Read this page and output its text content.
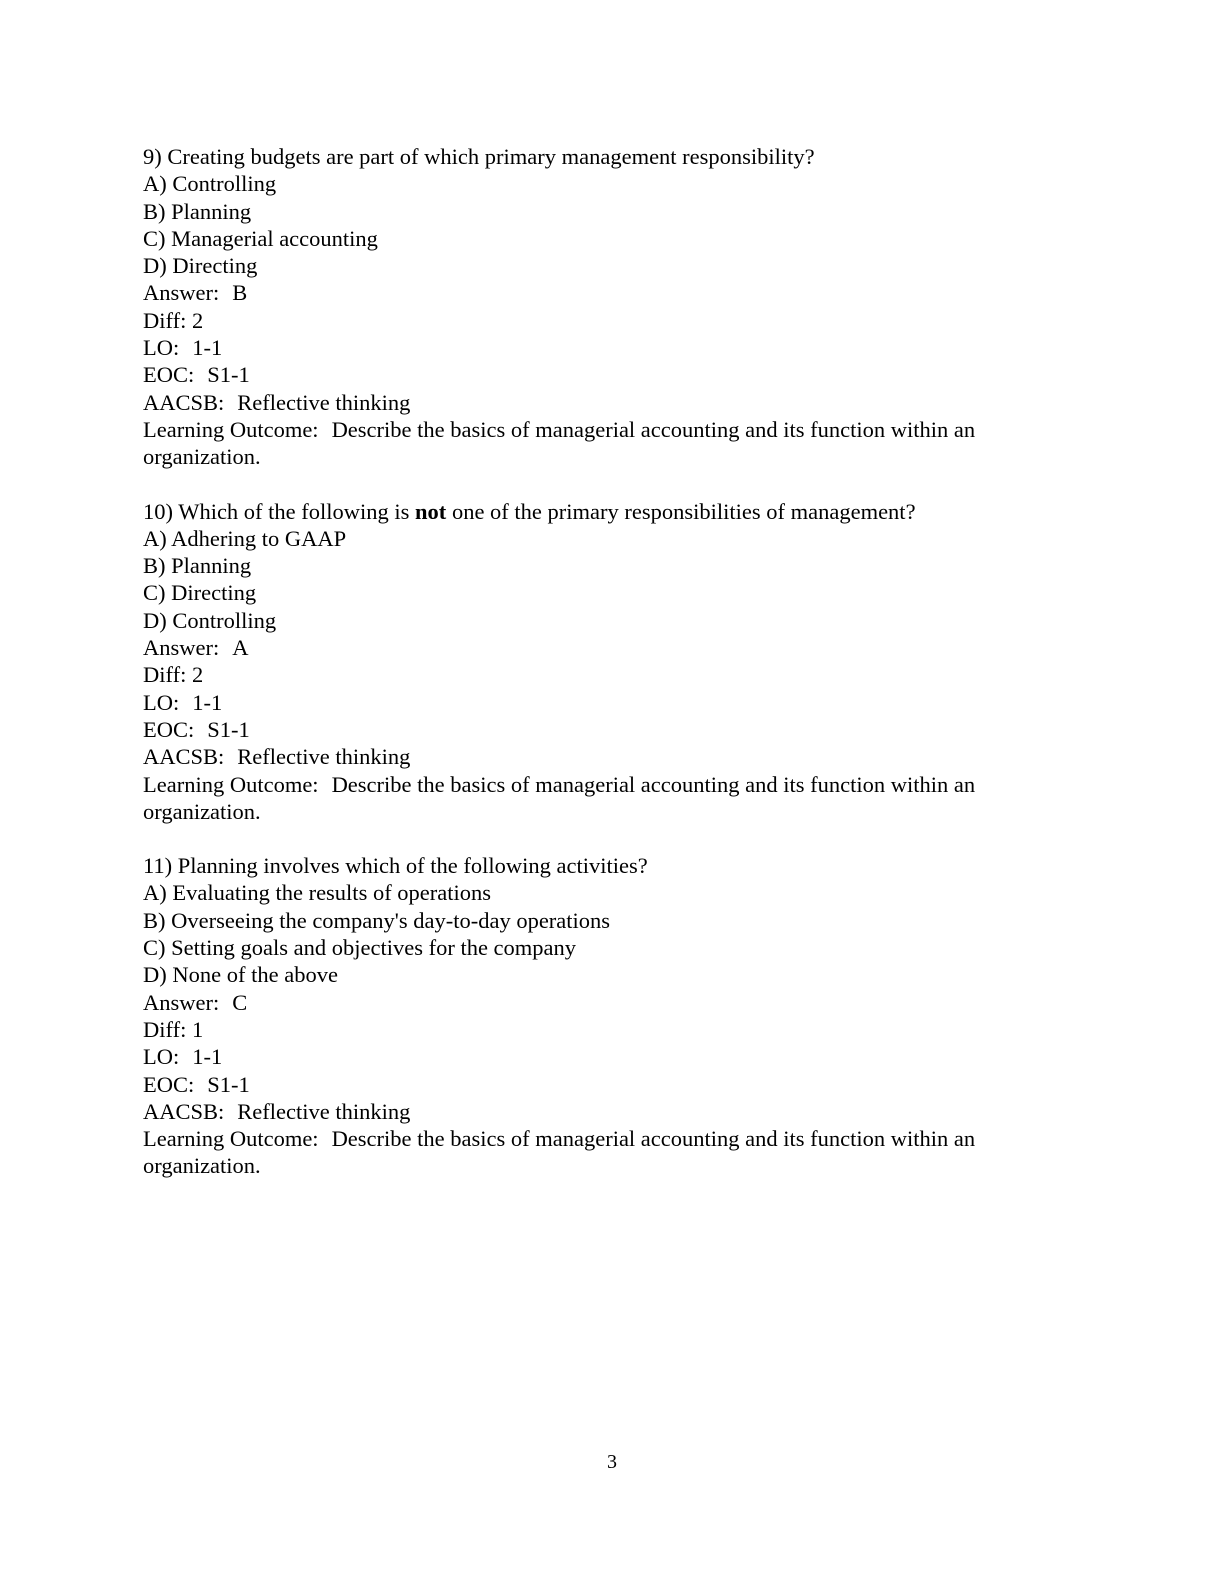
9) Creating budgets are part of which primary management responsibility?
A) Controlling
B) Planning
C) Managerial accounting
D) Directing
Answer: B
Diff: 2
LO: 1-1
EOC: S1-1
AACSB: Reflective thinking
Learning Outcome: Describe the basics of managerial accounting and its function within an organization.
10) Which of the following is not one of the primary responsibilities of management?
A) Adhering to GAAP
B) Planning
C) Directing
D) Controlling
Answer: A
Diff: 2
LO: 1-1
EOC: S1-1
AACSB: Reflective thinking
Learning Outcome: Describe the basics of managerial accounting and its function within an organization.
11) Planning involves which of the following activities?
A) Evaluating the results of operations
B) Overseeing the company's day-to-day operations
C) Setting goals and objectives for the company
D) None of the above
Answer: C
Diff: 1
LO: 1-1
EOC: S1-1
AACSB: Reflective thinking
Learning Outcome: Describe the basics of managerial accounting and its function within an organization.
3
